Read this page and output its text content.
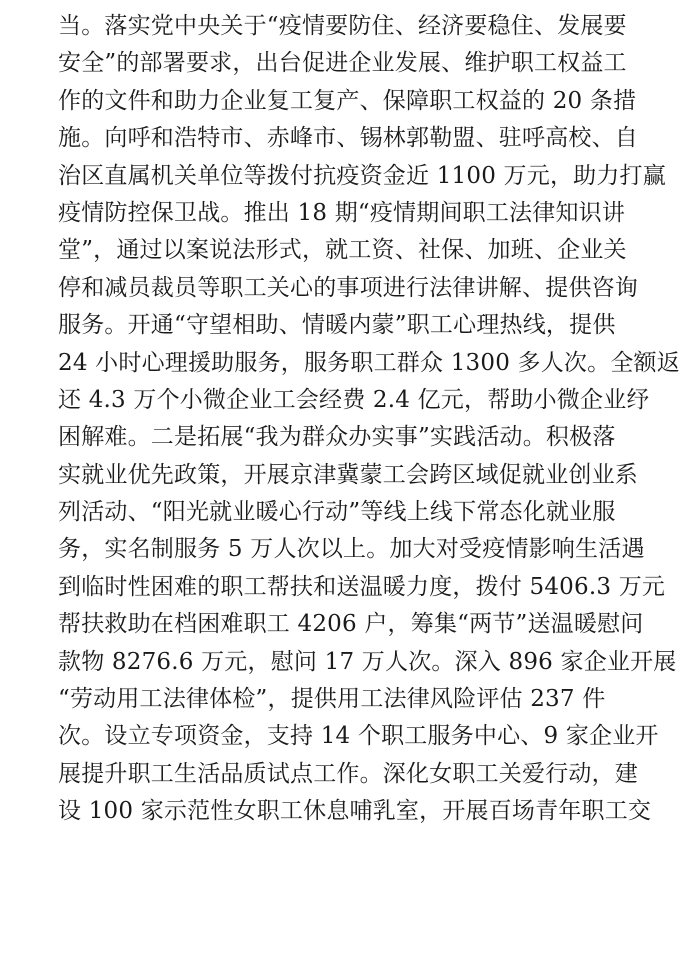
当。落实党中央关于“疫情要防住、经济要稳住、发展要
安全”的部署要求，出台促进企业发展、维护职工权益工
作的文件和助力企业复工复产、保障职工权益的 20 条措
施。向呼和浩特市、赤峰市、锡林郭勒盟、驻呼高校、自
治区直属机关单位等拨付抗疫资金近 1100 万元，助力打赢
疫情防控保卫战。推出 18 期“疫情期间职工法律知识讲
堂”，通过以案说法形式，就工资、社保、加班、企业关
停和减员裁员等职工关心的事项进行法律讲解、提供咨询
服务。开通“守望相助、情暖内蒙”职工心理热线，提供
24 小时心理援助服务，服务职工群众 1300 多人次。全额返
还 4.3 万个小微企业工会经费 2.4 亿元，帮助小微企业纾
困解难。二是拓展“我为群众办实事”实践活动。积极落
实就业优先政策，开展京津冀蒙工会跨区域促就业创业系
列活动、“阳光就业暖心行动”等线上线下常态化就业服
务，实名制服务 5 万人次以上。加大对受疫情影响生活遇
到临时性困难的职工帮扶和送温暖力度，拨付 5406.3 万元
帮扶救助在档困难职工 4206 户，筹集“两节”送温暖慰问
款物 8276.6 万元，慰问 17 万人次。深入 896 家企业开展
“劳动用工法律体检”，提供用工法律风险评估 237 件
次。设立专项资金，支持 14 个职工服务中心、9 家企业开
展提升职工生活品质试点工作。深化女职工关爱行动，建
设 100 家示范性女职工休息哺乳室，开展百场青年职工交
